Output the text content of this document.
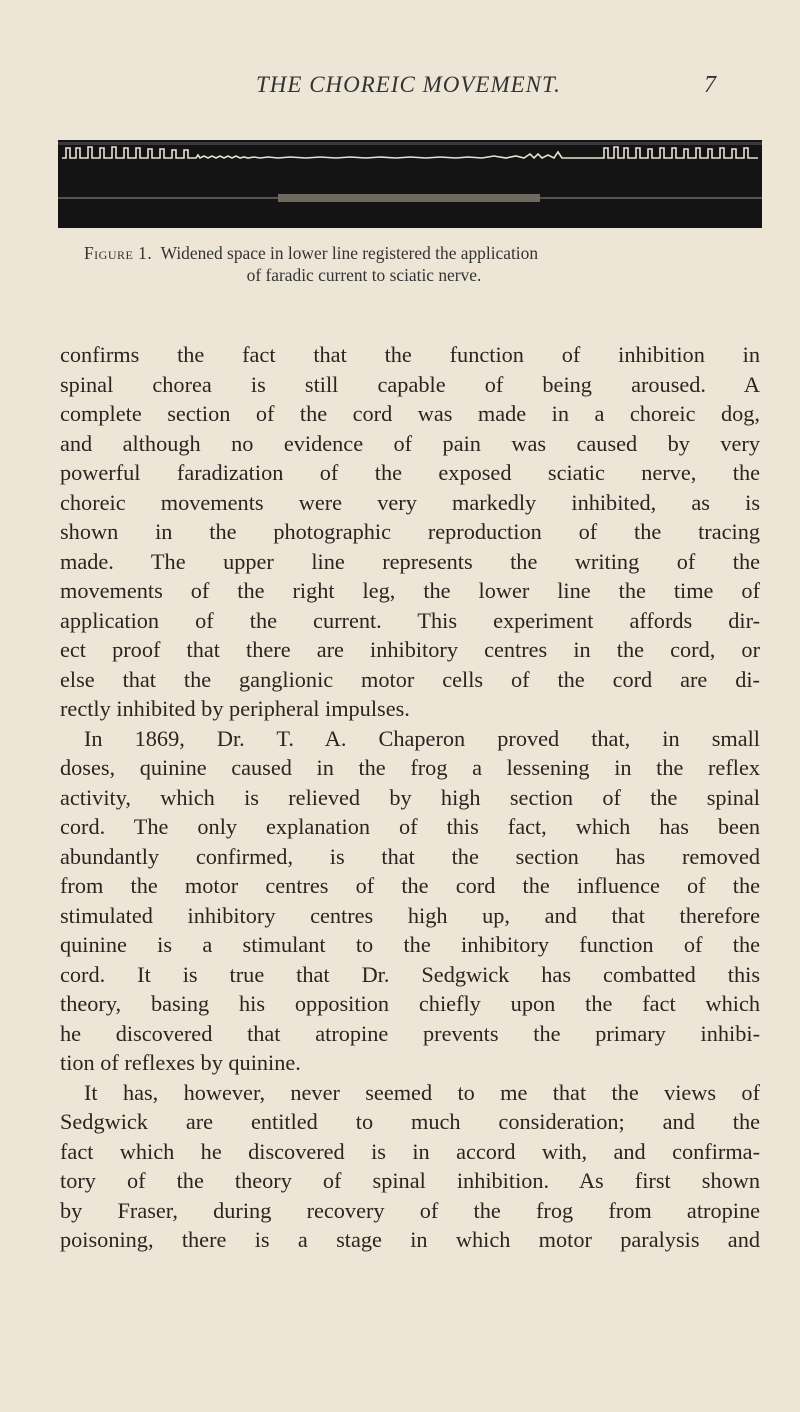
THE CHOREIC MOVEMENT.	7
Figure 1. Widened space in lower line registered the application
of faradic current to sciatic nerve.
confirms the fact that the function of inhibition in
spinal chorea is still capable of being aroused. A
complete section of the cord was made in a choreic dog,
and although no evidence of pain was caused by very
powerful faradization of the exposed sciatic nerve, the
choreic movements were very markedly inhibited, as is
shown in the photographic reproduction of the tracing
made. The upper line represents the writing of the
movements of the right leg, the lower line the time of
application of the current. This experiment affords dir-
ect proof that there are inhibitory centres in the cord, or
else that the ganglionic motor cells of the cord are di-
rectly inhibited by peripheral impulses.
In 1869, Dr. T. A. Chaperon proved that, in small
doses, quinine caused in the frog a lessening in the reflex
activity, which is relieved by high section of the spinal
cord. The only explanation of this fact, which has been
abundantly confirmed, is that the section has removed
from the motor centres of the cord the influence of the
stimulated inhibitory centres high up, and that therefore
quinine is a stimulant to the inhibitory function of the
cord. It is true that Dr. Sedgwick has combatted this
theory, basing his opposition chiefly upon the fact which
he discovered that atropine prevents the primary inhibi-
tion of reflexes by quinine.
It has, however, never seemed to me that the views of
Sedgwick are entitled to much consideration; and the
fact which he discovered is in accord with, and confirma-
tory of the theory of spinal inhibition. As first shown
by Fraser, during recovery of the frog from atropine
poisoning, there is a stage in which motor paralysis and
